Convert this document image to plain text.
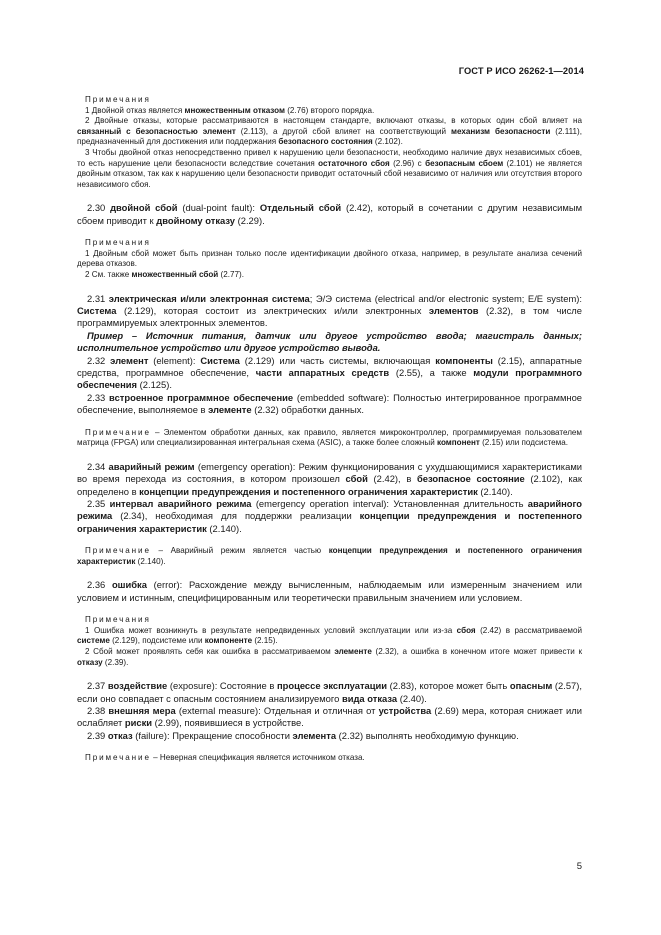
ГОСТ Р ИСО 26262-1—2014

Примечания

1 Двойной отказ является множественным отказом (2.76) второго порядка.

2 Двойные отказы, которые рассматриваются в настоящем стандарте, включают отказы, в которых один сбой влияет на связанный с безопасностью элемент (2.113), а другой сбой влияет на соответствующий механизм безопасности (2.111), предназначенный для достижения или поддержания безопасного состояния (2.102).

3 Чтобы двойной отказ непосредственно привел к нарушению цели безопасности, необходимо наличие двух независимых сбоев, то есть нарушение цели безопасности вследствие сочетания остаточного сбоя (2.96) с безопасным сбоем (2.101) не является двойным отказом, так как к нарушению цели безопасности приводит остаточный сбой независимо от наличия или отсутствия второго независимого сбоя.

2.30 двойной сбой (dual-point fault): Отдельный сбой (2.42), который в сочетании с другим независимым сбоем приводит к двойному отказу (2.29).

Примечания

1 Двойным сбой может быть признан только после идентификации двойного отказа, например, в результате анализа сечений дерева отказов.

2 См. также множественный сбой (2.77).

2.31 электрическая и/или электронная система; Э/Э система (electrical and/or electronic system; E/E system): Система (2.129), которая состоит из электрических и/или электронных элементов (2.32), в том числе программируемых электронных элементов.

Пример – Источник питания, датчик или другое устройство ввода; магистраль данных; исполнительное устройство или другое устройство вывода.

2.32 элемент (element): Система (2.129) или часть системы, включающая компоненты (2.15), аппаратные средства, программное обеспечение, части аппаратных средств (2.55), а также модули программного обеспечения (2.125).

2.33 встроенное программное обеспечение (embedded software): Полностью интегрированное программное обеспечение, выполняемое в элементе (2.32) обработки данных.

Примечание – Элементом обработки данных, как правило, является микроконтроллер, программируемая пользователем матрица (FPGA) или специализированная интегральная схема (ASIC), а также более сложный компонент (2.15) или подсистема.

2.34 аварийный режим (emergency operation): Режим функционирования с ухудшающимися характеристиками во время перехода из состояния, в котором произошел сбой (2.42), в безопасное состояние (2.102), как определено в концепции предупреждения и постепенного ограничения характеристик (2.140).

2.35 интервал аварийного режима (emergency operation interval): Установленная длительность аварийного режима (2.34), необходимая для поддержки реализации концепции предупреждения и постепенного ограничения характеристик (2.140).

Примечание – Аварийный режим является частью концепции предупреждения и постепенного ограничения характеристик (2.140).

2.36 ошибка (error): Расхождение между вычисленным, наблюдаемым или измеренным значением или условием и истинным, специфицированным или теоретически правильным значением или условием.

Примечания

1 Ошибка может возникнуть в результате непредвиденных условий эксплуатации или из-за сбоя (2.42) в рассматриваемой системе (2.129), подсистеме или компоненте (2.15).

2 Сбой может проявлять себя как ошибка в рассматриваемом элементе (2.32), а ошибка в конечном итоге может привести к отказу (2.39).

2.37 воздействие (exposure): Состояние в процессе эксплуатации (2.83), которое может быть опасным (2.57), если оно совпадает с опасным состоянием анализируемого вида отказа (2.40).

2.38 внешняя мера (external measure): Отдельная и отличная от устройства (2.69) мера, которая снижает или ослабляет риски (2.99), появившиеся в устройстве.

2.39 отказ (failure): Прекращение способности элемента (2.32) выполнять необходимую функцию.

Примечание – Неверная спецификация является источником отказа.

5
